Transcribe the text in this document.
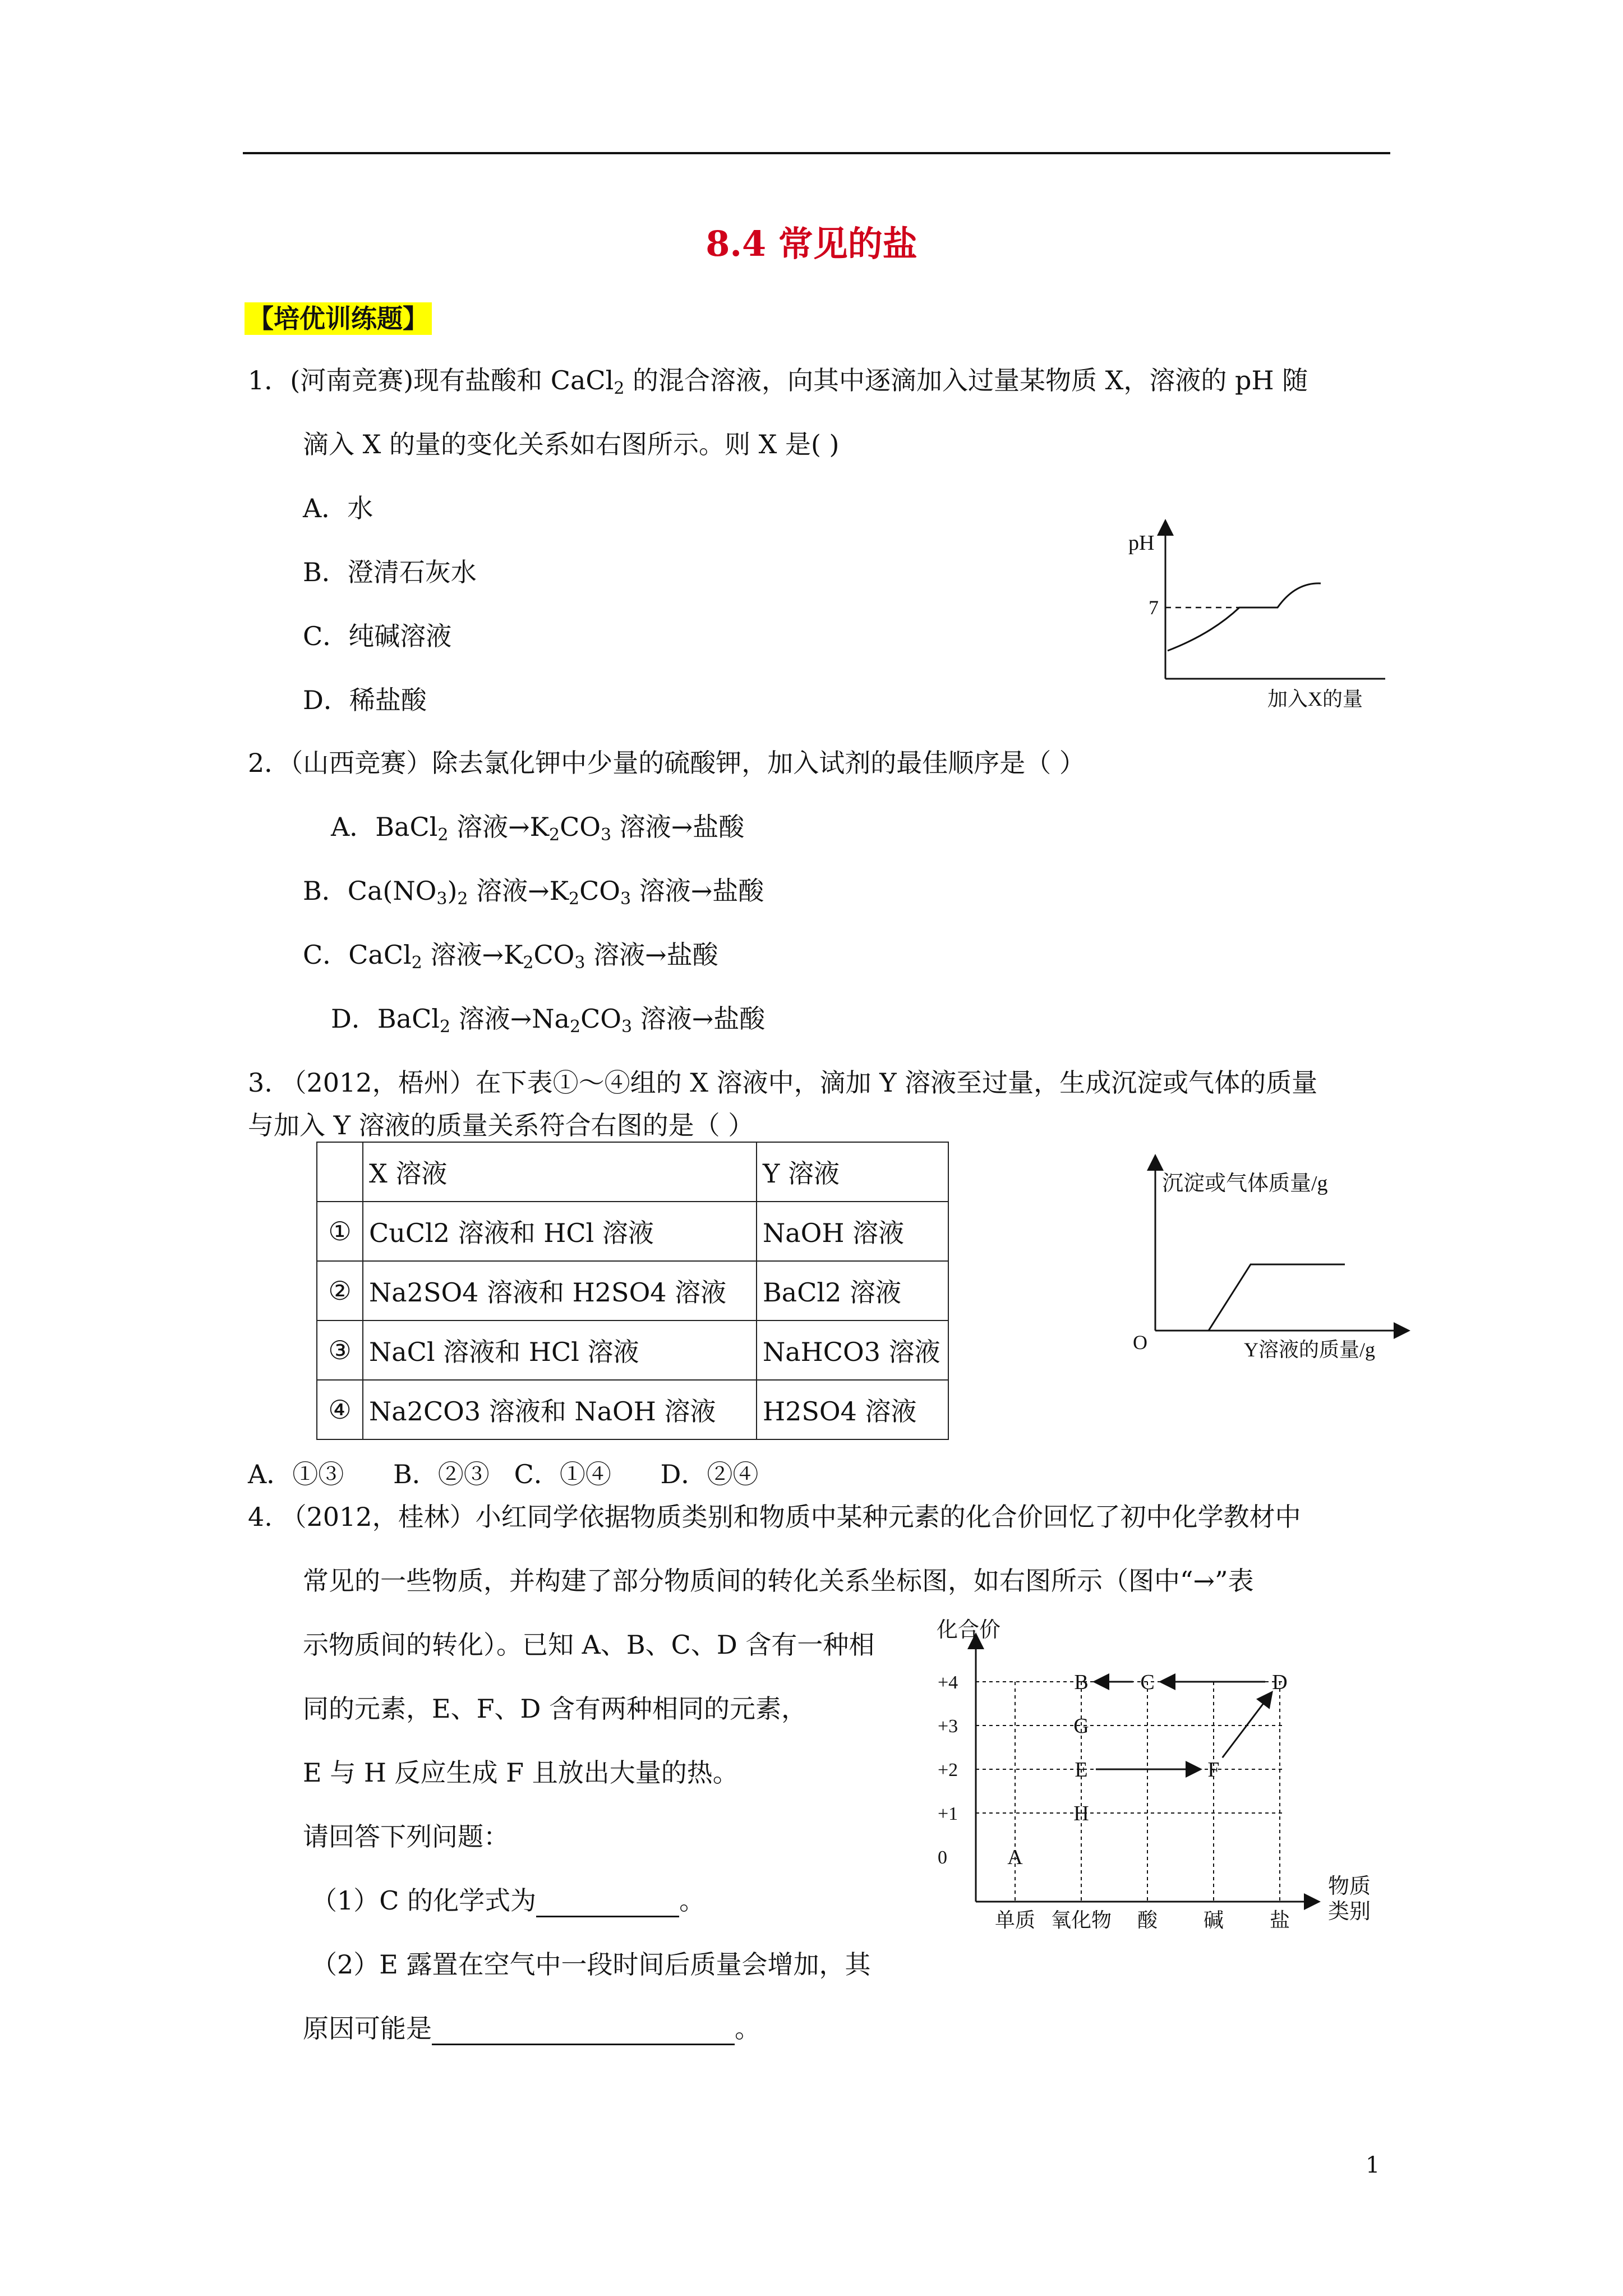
8.4 常见的盐
【培优训练题】
1．(河南竞赛)现有盐酸和 CaCl$_2$ 的混合溶液，向其中逐滴加入过量某物质 X，溶液的 pH 随
滴入 X 的量的变化关系如右图所示。则 X 是( )
A．水
B．澄清石灰水
C．纯碱溶液
D．稀盐酸
pH
7
加入X的量
2．（山西竞赛）除去氯化钾中少量的硫酸钾，加入试剂的最佳顺序是（ ）
A．BaCl$_2$ 溶液$\to K_2CO_3$ 溶液→盐酸
B．$Ca(NO_3)_2$ 溶液$\to K_2CO_3$ 溶液→盐酸
C．CaCl$_2$ 溶液$\to K_2CO_3$ 溶液→盐酸
D．BaCl$_2$ 溶液$\to Na_2CO_3$ 溶液→盐酸
3. （2012，梧州）在下表①～④组的 X 溶液中，滴加 Y 溶液至过量，生成沉淀或气体的质量
与加入 Y 溶液的质量关系符合右图的是（ ）
	X 溶液	Y 溶液
①	CuCl2 溶液和 HCl 溶液	NaOH 溶液
②	Na2SO4 溶液和 H2SO4 溶液	BaCl2 溶液
③	NaCl 溶液和 HCl 溶液	NaHCO3 溶液
④	Na2CO3 溶液和 NaOH 溶液	H2SO4 溶液
A．①③      B．②③   C．①④      D．②④
沉淀或气体质量/g
O	Y溶液的质量/g
4. （2012，桂林）小红同学依据物质类别和物质中某种元素的化合价回忆了初中化学教材中
常见的一些物质，并构建了部分物质间的转化关系坐标图，如右图所示（图中“→”表
示物质间的转化）。已知 A、B、C、D 含有一种相
同的元素，E、F、D 含有两种相同的元素，
E 与 H 反应生成 F 且放出大量的热。
请回答下列问题：
（1）C 的化学式为	。
（2）E 露置在空气中一段时间后质量会增加，其
原因可能是	。
化合价
物质
类别
+4
+3
+2
+1
0
单质 氧化物 酸 碱 盐
A
B C	D
G
E	F
H
1
